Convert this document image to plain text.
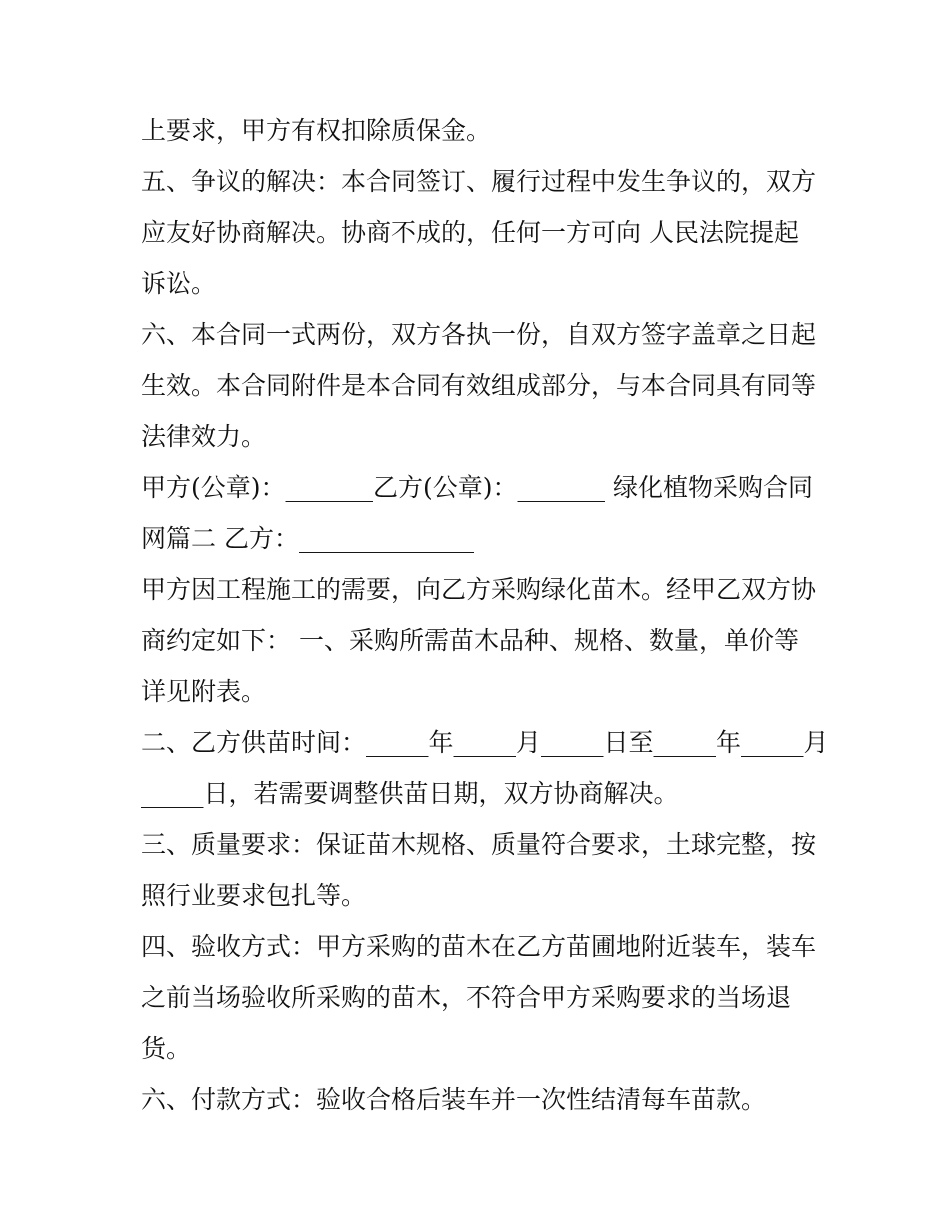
上要求，甲方有权扣除质保金。
五、争议的解决：本合同签订、履行过程中发生争议的，双方
应友好协商解决。协商不成的，任何一方可向 人民法院提起
诉讼。
六、本合同一式两份，双方各执一份，自双方签字盖章之日起
生效。本合同附件是本合同有效组成部分，与本合同具有同等
法律效力。
甲方(公章)：_______乙方(公章)：_______ 绿化植物采购合同
网篇二 乙方：______________
甲方因工程施工的需要，向乙方采购绿化苗木。经甲乙双方协
商约定如下： 一、采购所需苗木品种、规格、数量，单价等
详见附表。
二、乙方供苗时间：_____年_____月_____日至_____年_____月
_____日，若需要调整供苗日期，双方协商解决。
三、质量要求：保证苗木规格、质量符合要求，土球完整，按
照行业要求包扎等。
四、验收方式：甲方采购的苗木在乙方苗圃地附近装车，装车
之前当场验收所采购的苗木，不符合甲方采购要求的当场退
货。
六、付款方式：验收合格后装车并一次性结清每车苗款。
